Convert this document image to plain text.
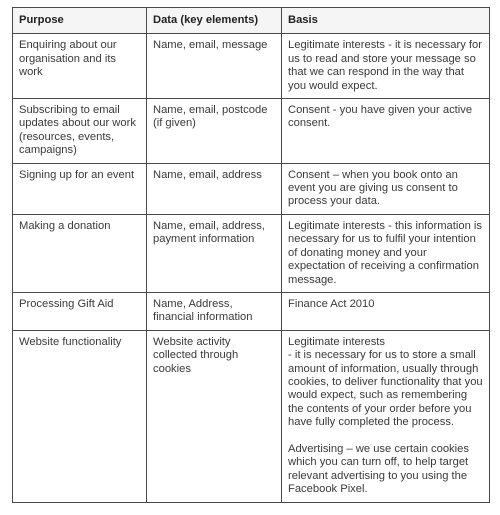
Purpose	Data (key elements)	Basis
Enquiring about our organisation and its work	Name, email, message	Legitimate interests - it is necessary for us to read and store your message so that we can respond in the way that you would expect.

Subscribing to email updates about our work (resources, events, campaigns)	Name, email, postcode (if given)	Consent - you have given your active consent.

Signing up for an event	Name, email, address	Consent – when you book onto an event you are giving us consent to process your data.

Making a donation	Name, email, address, payment information	Legitimate interests - this information is necessary for us to fulfil your intention of donating money and your expectation of receiving a confirmation message.

Processing Gift Aid	Name, Address, financial information	Finance Act 2010

Website functionality	Website activity collected through cookies	Legitimate interests
- it is necessary for us to store a small amount of information, usually through cookies, to deliver functionality that you would expect, such as remembering the contents of your order before you have fully completed the process.
Advertising – we use certain cookies which you can turn off, to help target relevant advertising to you using the Facebook Pixel.
